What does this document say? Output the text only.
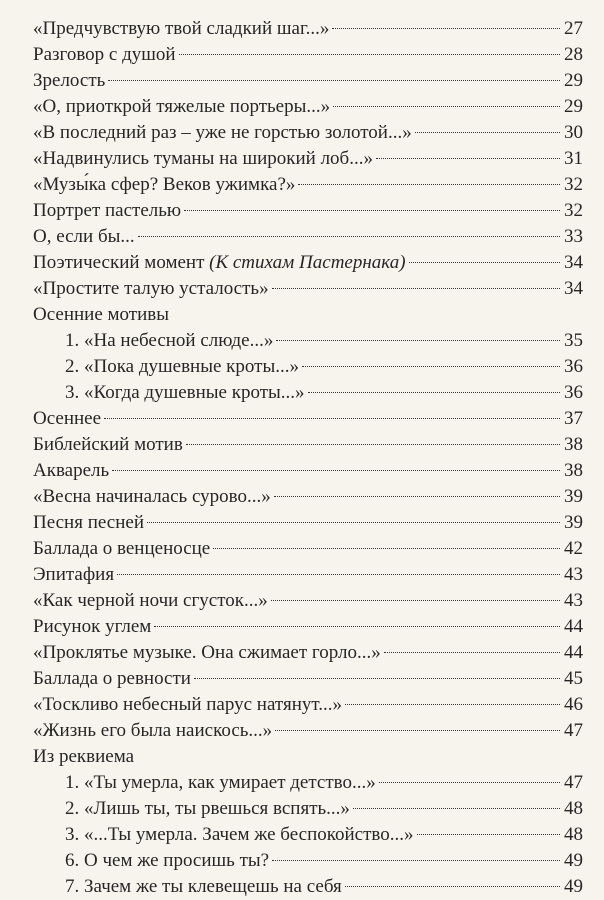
«Предчувствую твой сладкий шаг...»	27
Разговор с душой	28
Зрелость	29
«О, приоткрой тяжелые портьеры...»	29
«В последний раз – уже не горстью золотой...»	30
«Надвинулись туманы на широкий лоб...»	31
«Музы́ка сфер? Веков ужимка?»	32
Портрет пастелью	32
О, если бы...	33
Поэтический момент (К стихам Пастернака)	34
«Простите талую усталость»	34
Осенние мотивы
1. «На небесной слюде...»	35
2. «Пока душевные кроты...»	36
3. «Когда душевные кроты...»	36
Осеннее	37
Библейский мотив	38
Акварель	38
«Весна начиналась сурово...»	39
Песня песней	39
Баллада о венценосце	42
Эпитафия	43
«Как черной ночи сгусток...»	43
Рисунок углем	44
«Проклятье музыке. Она сжимает горло...»	44
Баллада о ревности	45
«Тоскливо небесный парус натянут...»	46
«Жизнь его была наискось...»	47
Из реквиема
1. «Ты умерла, как умирает детство...»	47
2. «Лишь ты, ты рвешься вспять...»	48
3. «...Ты умерла. Зачем же беспокойство...»	48
6. О чем же просишь ты?	49
7. Зачем же ты клевещешь на себя	49
